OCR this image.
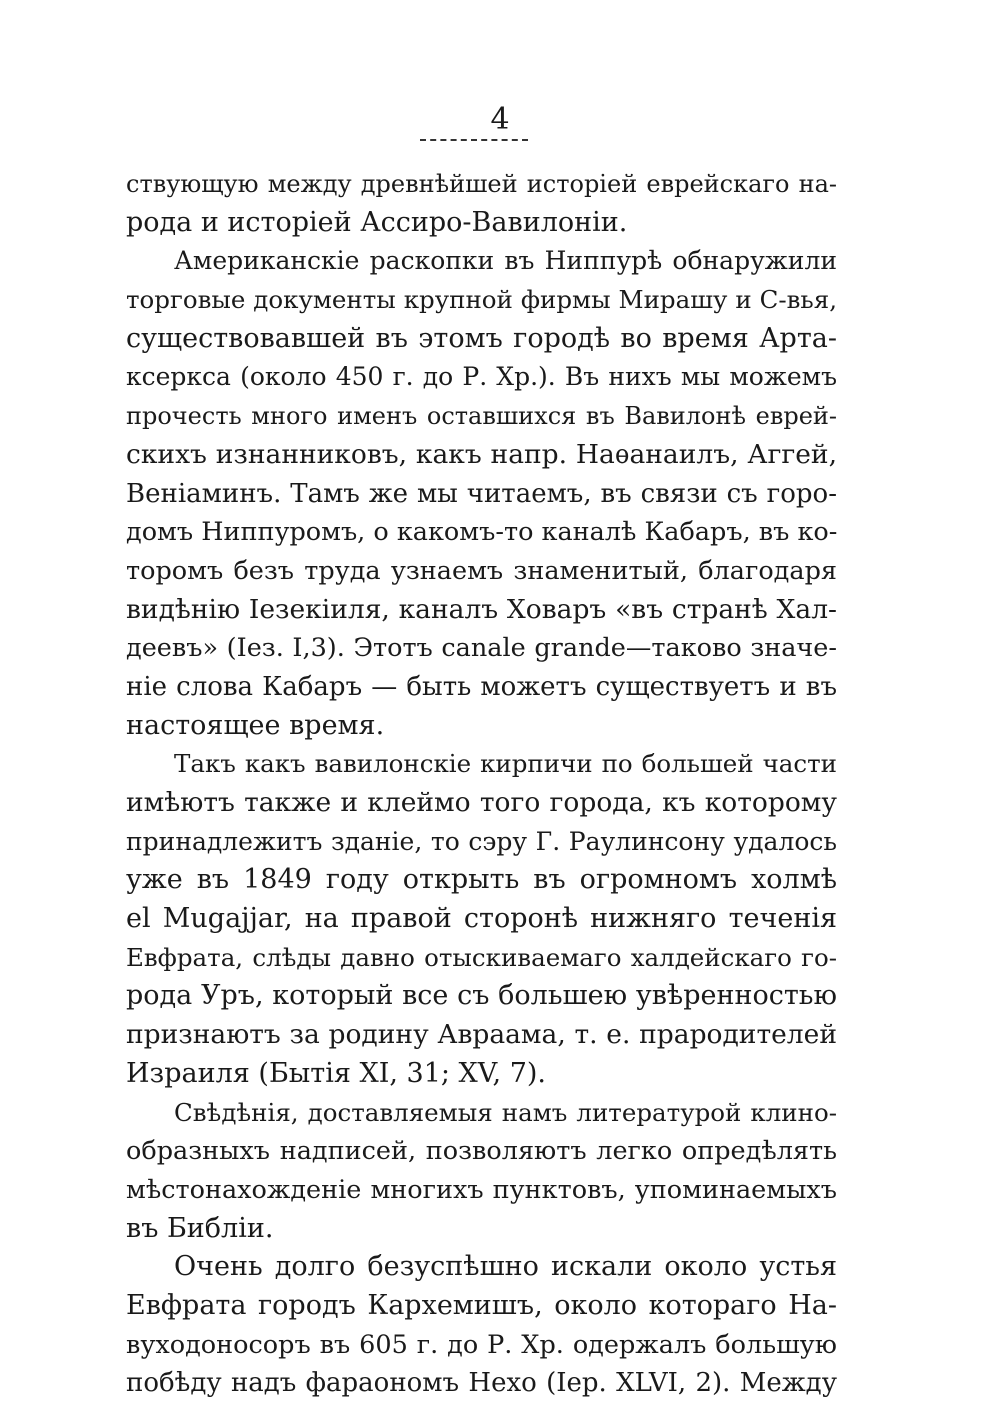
4
ствующую между древнѣйшей исторіей еврейскаго на-
рода и исторіей Ассиро-Вавилоніи.
Американскіе раскопки въ Ниппурѣ обнаружили
торговые документы крупной фирмы Мирашу и С-вья,
существовавшей въ этомъ городѣ во время Арта-
ксеркса (около 450 г. до Р. Хр.). Въ нихъ мы можемъ
прочесть много именъ оставшихся въ Вавилонѣ еврей-
скихъ изнанниковъ, какъ напр. Наѳанаилъ, Аггей,
Веніаминъ. Тамъ же мы читаемъ, въ связи съ горо-
домъ Ниппуромъ, о какомъ-то каналѣ Кабаръ, въ ко-
торомъ безъ труда узнаемъ знаменитый, благодаря
видѣнію Іезекіиля, каналъ Ховаръ «въ странѣ Хал-
деевъ» (Іез. I,3). Этотъ canale grande—таково значе-
ніе слова Кабаръ — быть можетъ существуетъ и въ
настоящее время.
Такъ какъ вавилонскіе кирпичи по большей части
имѣютъ также и клеймо того города, къ которому
принадлежитъ зданіе, то сэру Г. Раулинсону удалось
уже въ 1849 году открыть въ огромномъ холмѣ
el Mugajjar, на правой сторонѣ нижняго теченія
Евфрата, слѣды давно отыскиваемаго халдейскаго го-
рода Уръ, который все съ большею увѣренностью
признаютъ за родину Авраама, т. е. прародителей
Израиля (Бытія XI, 31; XV, 7).
Свѣдѣнія, доставляемыя намъ литературой клино-
образныхъ надписей, позволяютъ легко опредѣлять
мѣстонахожденіе многихъ пунктовъ, упоминаемыхъ
въ Библіи.
Очень долго безуспѣшно искали около устья
Евфрата городъ Кархемишъ, около котораго На-
вуходоносоръ въ 605 г. до Р. Хр. одержалъ большую
побѣду надъ фараономъ Нехо (Іер. XLVI, 2). Между
